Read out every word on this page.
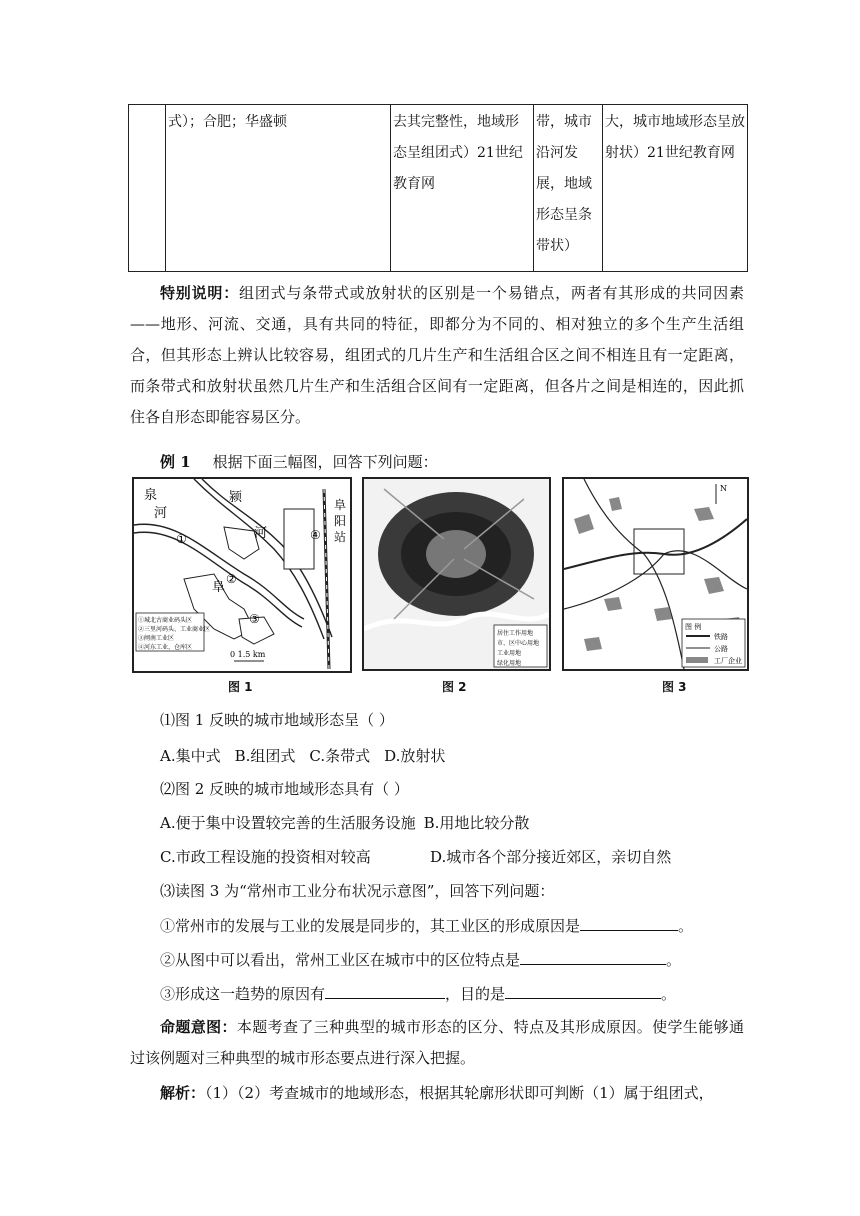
	式）；合肥；华盛顿	去其完整性，地域形态呈组团式）21世纪教育网	带，城市沿河发展，地域形态呈条带状）	大，城市地域形态呈放射状）21世纪教育网
特别说明：组团式与条带式或放射状的区别是一个易错点，两者有其形成的共同因素——地形、河流、交通，具有共同的特征，即都分为不同的、相对独立的多个生产生活组合，但其形态上辨认比较容易，组团式的几片生产和生活组合区之间不相连且有一定距离，而条带式和放射状虽然几片生产和生活组合区间有一定距离，但各片之间是相连的，因此抓住各自形态即能容易区分。
例 1 根据下面三幅图，回答下列问题：
泉
河
颍
河
阜
阳
站
阜
①
②
③
④
①城北古商业码头区
②三里河码头、工业商业区
③闸南工业区
④河东工业、仓库区
0 1.5 km
图 1
居住工作用地
市、区中心用地
工业用地
绿化用地
图 2
N
图 例
铁路
公路
工厂企业
图 3
⑴图 1 反映的城市地域形态呈（ ）
A.集中式 B.组团式 C.条带式 D.放射状
⑵图 2 反映的城市地域形态具有（ ）
A.便于集中设置较完善的生活服务设施 B.用地比较分散
C.市政工程设施的投资相对较高	D.城市各个部分接近郊区，亲切自然
⑶读图 3 为“常州市工业分布状况示意图”，回答下列问题：
①常州市的发展与工业的发展是同步的，其工业区的形成原因是	。
②从图中可以看出，常州工业区在城市中的区位特点是	。
③形成这一趋势的原因有	，目的是	。
命题意图：本题考查了三种典型的城市形态的区分、特点及其形成原因。使学生能够通过该例题对三种典型的城市形态要点进行深入把握。
解析：（1）（2）考查城市的地域形态，根据其轮廓形状即可判断（1）属于组团式，
